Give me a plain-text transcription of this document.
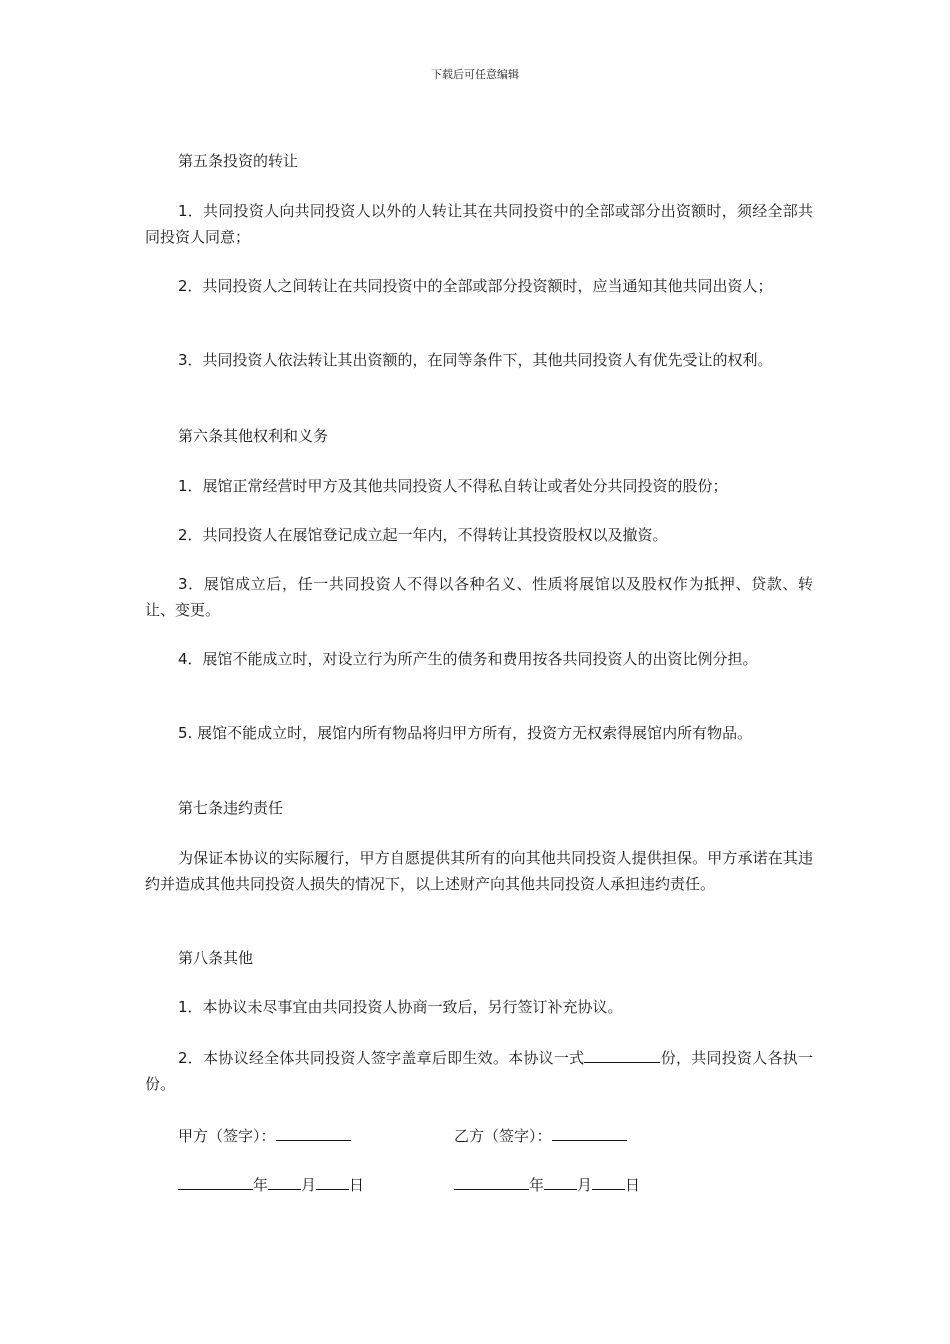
下载后可任意编辑

第五条投资的转让

1．共同投资人向共同投资人以外的人转让其在共同投资中的全部或部分出资额时，须经全部共同投资人同意；

2．共同投资人之间转让在共同投资中的全部或部分投资额时，应当通知其他共同出资人；

3．共同投资人依法转让其出资额的，在同等条件下，其他共同投资人有优先受让的权利。

第六条其他权利和义务

1．展馆正常经营时甲方及其他共同投资人不得私自转让或者处分共同投资的股份；

2．共同投资人在展馆登记成立起一年内，不得转让其投资股权以及撤资。

3．展馆成立后，任一共同投资人不得以各种名义、性质将展馆以及股权作为抵押、贷款、转让、变更。

4．展馆不能成立时，对设立行为所产生的债务和费用按各共同投资人的出资比例分担。

5. 展馆不能成立时，展馆内所有物品将归甲方所有，投资方无权索得展馆内所有物品。

第七条违约责任

为保证本协议的实际履行，甲方自愿提供其所有的向其他共同投资人提供担保。甲方承诺在其违约并造成其他共同投资人损失的情况下，以上述财产向其他共同投资人承担违约责任。

第八条其他

1．本协议未尽事宜由共同投资人协商一致后，另行签订补充协议。

2．本协议经全体共同投资人签字盖章后即生效。本协议一式	份，共同投资人各执一份。

甲方（签字）：	乙方（签字）：
年 月 日	年 月 日
